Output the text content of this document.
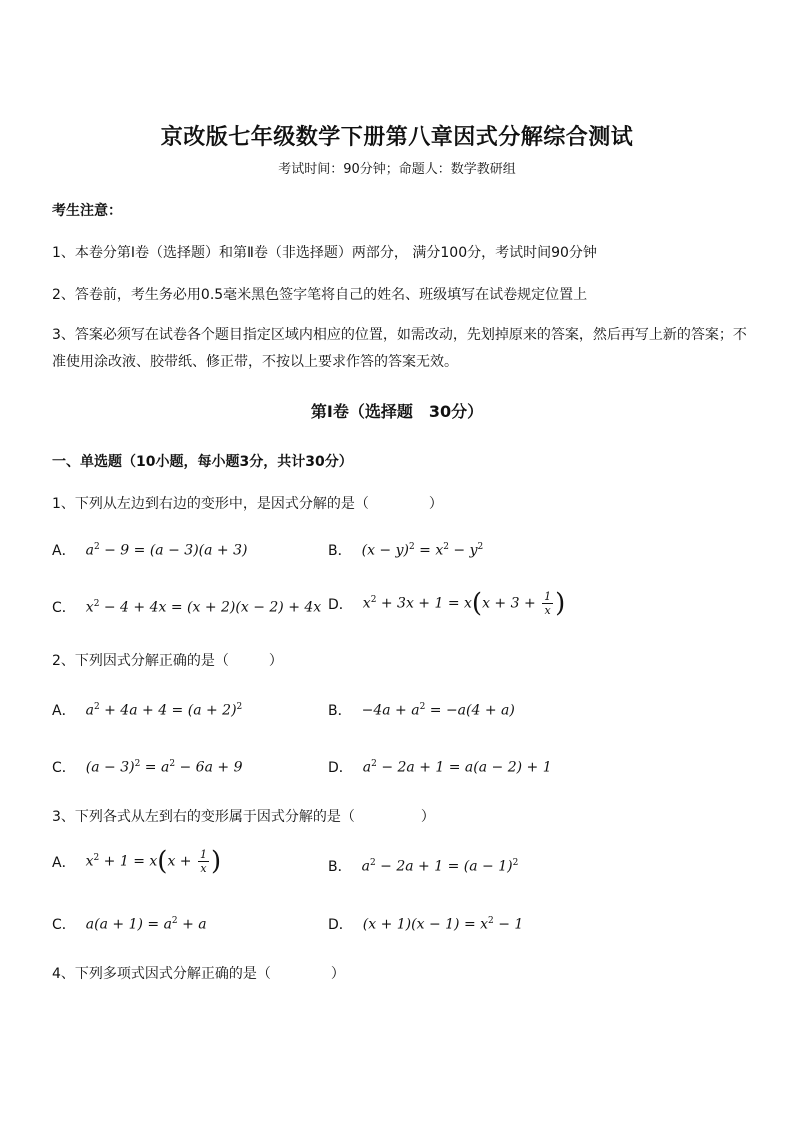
京改版七年级数学下册第八章因式分解综合测试
考试时间：90分钟；命题人：数学教研组
考生注意：
1、本卷分第Ⅰ卷（选择题）和第Ⅱ卷（非选择题）两部分， 满分100分，考试时间90分钟
2、答卷前，考生务必用0.5毫米黑色签字笔将自己的姓名、班级填写在试卷规定位置上
3、答案必须写在试卷各个题目指定区域内相应的位置，如需改动，先划掉原来的答案，然后再写上新的答案；不准使用涂改液、胶带纸、修正带，不按以上要求作答的答案无效。
第Ⅰ卷（选择题　30分）
一、单选题（10小题，每小题3分，共计30分）
1、下列从左边到右边的变形中，是因式分解的是（	）
A． $a^2 - 9 = (a - 3)(a + 3)$	B． $(x - y)^2 = x^2 - y^2$
C． $x^2 - 4 + 4x = (x + 2)(x - 2) + 4x$ D． $x^2 + 3x + 1 = x(x + 3 + \frac{1}{x}$ )
2、下列因式分解正确的是（	）
A． $a^2 + 4a + 4 = (a + 2)^2$	B． $-4a + a^2 = -a(4 + a)$
C． $(a - 3)^2 = a^2 - 6a + 9$	D． $a^2 - 2a + 1 = a(a - 2) + 1$
3、下列各式从左到右的变形属于因式分解的是（	）
A． $x^2 + 1 = x(x + \frac{1}{x}$ )	B． $a^2 - 2a + 1 = (a - 1)^2$
C． $a(a + 1) = a^2 + a$	D． $(x + 1)(x - 1) = x^2 - 1$
4、下列多项式因式分解正确的是（	）
